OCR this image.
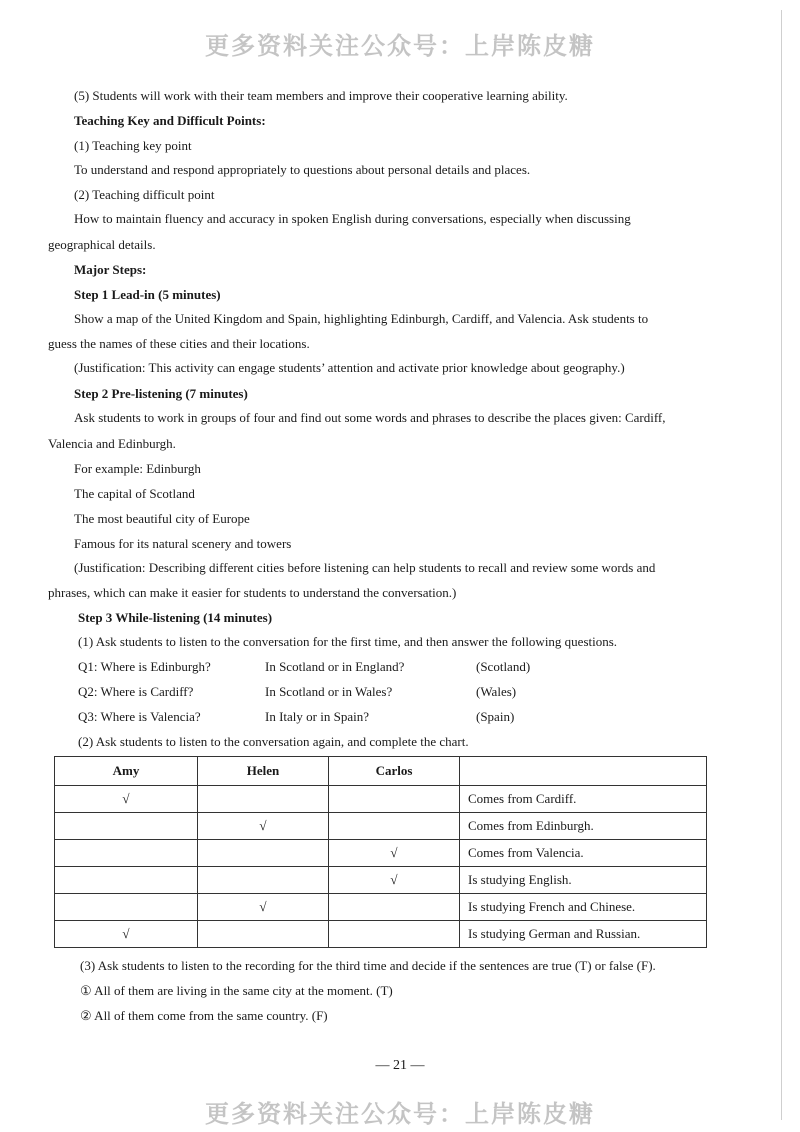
更多资料关注公众号：上岸陈皮糖
(5) Students will work with their team members and improve their cooperative learning ability.
Teaching Key and Difficult Points:
(1) Teaching key point
To understand and respond appropriately to questions about personal details and places.
(2) Teaching difficult point
How to maintain fluency and accuracy in spoken English during conversations, especially when discussing
geographical details.
Major Steps:
Step 1 Lead-in (5 minutes)
Show a map of the United Kingdom and Spain, highlighting Edinburgh, Cardiff, and Valencia. Ask students to
guess the names of these cities and their locations.
(Justification: This activity can engage students’ attention and activate prior knowledge about geography.)
Step 2 Pre-listening (7 minutes)
Ask students to work in groups of four and find out some words and phrases to describe the places given: Cardiff,
Valencia and Edinburgh.
For example: Edinburgh
The capital of Scotland
The most beautiful city of Europe
Famous for its natural scenery and towers
(Justification: Describing different cities before listening can help students to recall and review some words and
phrases, which can make it easier for students to understand the conversation.)
Step 3 While-listening (14 minutes)
(1) Ask students to listen to the conversation for the first time, and then answer the following questions.
Q1: Where is Edinburgh?	In Scotland or in England?	(Scotland)
Q2: Where is Cardiff?	In Scotland or in Wales?	(Wales)
Q3: Where is Valencia?	In Italy or in Spain?	(Spain)
(2) Ask students to listen to the conversation again, and complete the chart.
Amy	Helen	Carlos	
√			Comes from Cardiff.
	√		Comes from Edinburgh.
		√	Comes from Valencia.
		√	Is studying English.
	√		Is studying French and Chinese.
√			Is studying German and Russian.
(3) Ask students to listen to the recording for the third time and decide if the sentences are true (T) or false (F).
① All of them are living in the same city at the moment. (T)
② All of them come from the same country. (F)
— 21 —
更多资料关注公众号：上岸陈皮糖
